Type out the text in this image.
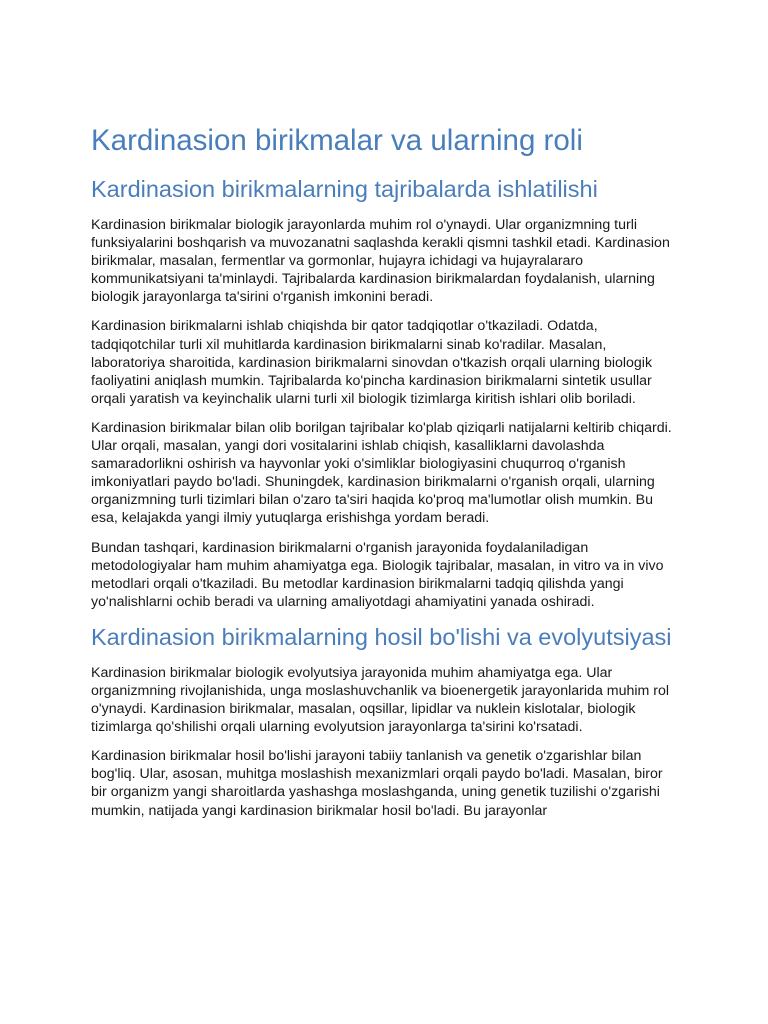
Kardinasion birikmalar va ularning roli
Kardinasion birikmalarning tajribalarda ishlatilishi

Kardinasion birikmalar biologik jarayonlarda muhim rol o'ynaydi. Ular organizmning turli funksiyalarini boshqarish va muvozanatni saqlashda kerakli qismni tashkil etadi. Kardinasion birikmalar, masalan, fermentlar va gormonlar, hujayra ichidagi va hujayralararo kommunikatsiyani ta'minlaydi. Tajribalarda kardinasion birikmalardan foydalanish, ularning biologik jarayonlarga ta'sirini o'rganish imkonini beradi.

Kardinasion birikmalarni ishlab chiqishda bir qator tadqiqotlar o'tkaziladi. Odatda, tadqiqotchilar turli xil muhitlarda kardinasion birikmalarni sinab ko'radilar. Masalan, laboratoriya sharoitida, kardinasion birikmalarni sinovdan o'tkazish orqali ularning biologik faoliyatini aniqlash mumkin. Tajribalarda ko'pincha kardinasion birikmalarni sintetik usullar orqali yaratish va keyinchalik ularni turli xil biologik tizimlarga kiritish ishlari olib boriladi.

Kardinasion birikmalar bilan olib borilgan tajribalar ko'plab qiziqarli natijalarni keltirib chiqardi. Ular orqali, masalan, yangi dori vositalarini ishlab chiqish, kasalliklarni davolashda samaradorlikni oshirish va hayvonlar yoki o'simliklar biologiyasini chuqurroq o'rganish imkoniyatlari paydo bo'ladi. Shuningdek, kardinasion birikmalarni o'rganish orqali, ularning organizmning turli tizimlari bilan o'zaro ta'siri haqida ko'proq ma'lumotlar olish mumkin. Bu esa, kelajakda yangi ilmiy yutuqlarga erishishga yordam beradi.

Bundan tashqari, kardinasion birikmalarni o'rganish jarayonida foydalaniladigan metodologiyalar ham muhim ahamiyatga ega. Biologik tajribalar, masalan, in vitro va in vivo metodlari orqali o'tkaziladi. Bu metodlar kardinasion birikmalarni tadqiq qilishda yangi yo'nalishlarni ochib beradi va ularning amaliyotdagi ahamiyatini yanada oshiradi.

Kardinasion birikmalarning hosil bo'lishi va evolyutsiyasi

Kardinasion birikmalar biologik evolyutsiya jarayonida muhim ahamiyatga ega. Ular organizmning rivojlanishida, unga moslashuvchanlik va bioenergetik jarayonlarida muhim rol o'ynaydi. Kardinasion birikmalar, masalan, oqsillar, lipidlar va nuklein kislotalar, biologik tizimlarga qo'shilishi orqali ularning evolyutsion jarayonlarga ta'sirini ko'rsatadi.

Kardinasion birikmalar hosil bo'lishi jarayoni tabiiy tanlanish va genetik o'zgarishlar bilan bog'liq. Ular, asosan, muhitga moslashish mexanizmlari orqali paydo bo'ladi. Masalan, biror bir organizm yangi sharoitlarda yashashga moslashganda, uning genetik tuzilishi o'zgarishi mumkin, natijada yangi kardinasion birikmalar hosil bo'ladi. Bu jarayonlar
